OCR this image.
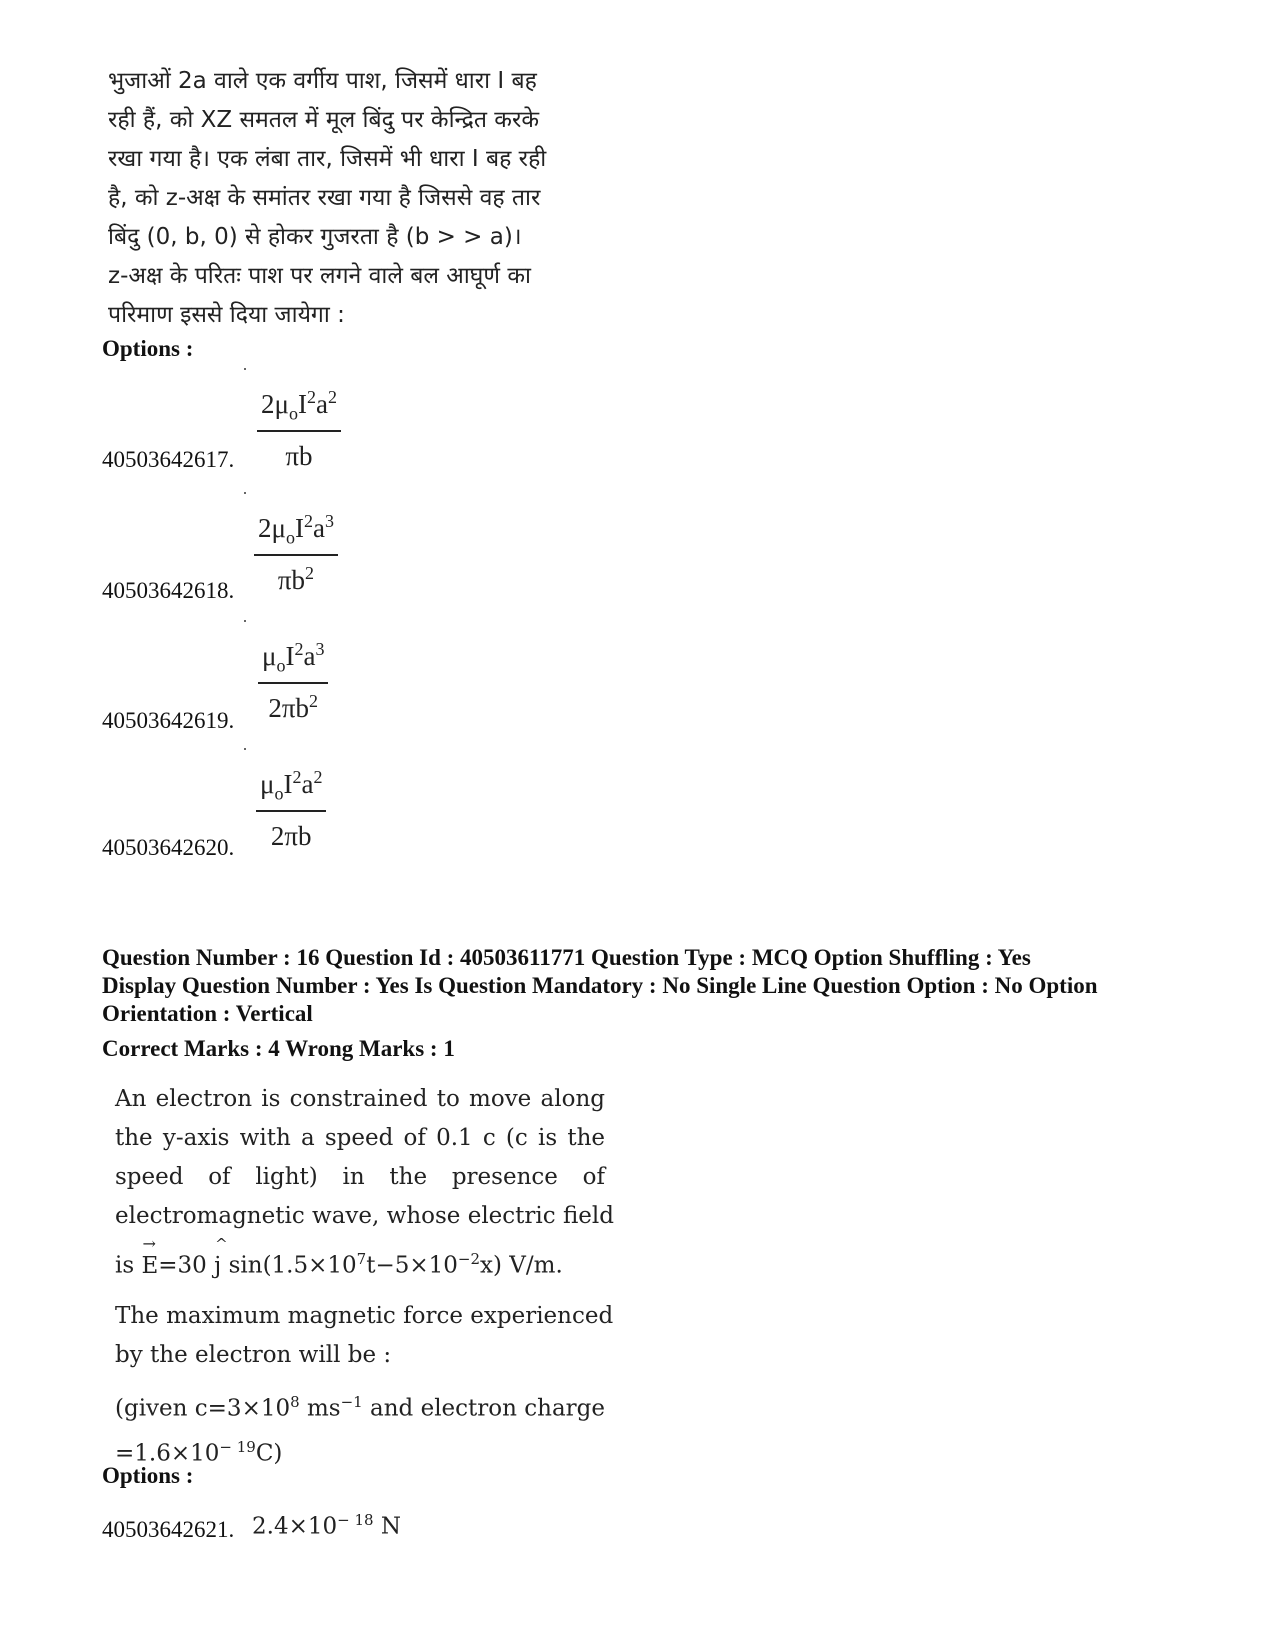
भुजाओं 2a वाले एक वर्गीय पाश, जिसमें धारा I बह
रही हैं, को XZ समतल में मूल बिंदु पर केन्द्रित करके
रखा गया है। एक लंबा तार, जिसमें भी धारा I बह रही
है, को z-अक्ष के समांतर रखा गया है जिससे वह तार
बिंदु (0, b, 0) से होकर गुजरता है (b > > a)।
z-अक्ष के परितः पाश पर लगने वाले बल आघूर्ण का
परिमाण इससे दिया जायेगा :
Options :
$2\mu_oI^2a^2$
πb
40503642617.
$2\mu_oI^2a^3$
$\pi b^2$
40503642618.
$\mu_oI^2a^3$
$2\pi b^2$
40503642619.
$\mu_oI^2a^2$
2πb
40503642620.
Question Number : 16 Question Id : 40503611771 Question Type : MCQ Option Shuffling : Yes
Display Question Number : Yes Is Question Mandatory : No Single Line Question Option : No Option
Orientation : Vertical
Correct Marks : 4 Wrong Marks : 1
An electron is constrained to move along
the y-axis with a speed of 0.1 c (c is the
speed of light) in the presence of
electromagnetic wave, whose electric field
is
→
E=30
^
j $\sin(1.5\times 10^7t-5\times 10^{-2}x)$ V/m.
The maximum magnetic force experienced
by the electron will be :
(given $c=3\times 10^8$ $ms^{-1}$ and electron charge
$=1.6\times 10^{- 19}C$)
Options :
40503642621. $2.4\times 10^{- 18}$ N
